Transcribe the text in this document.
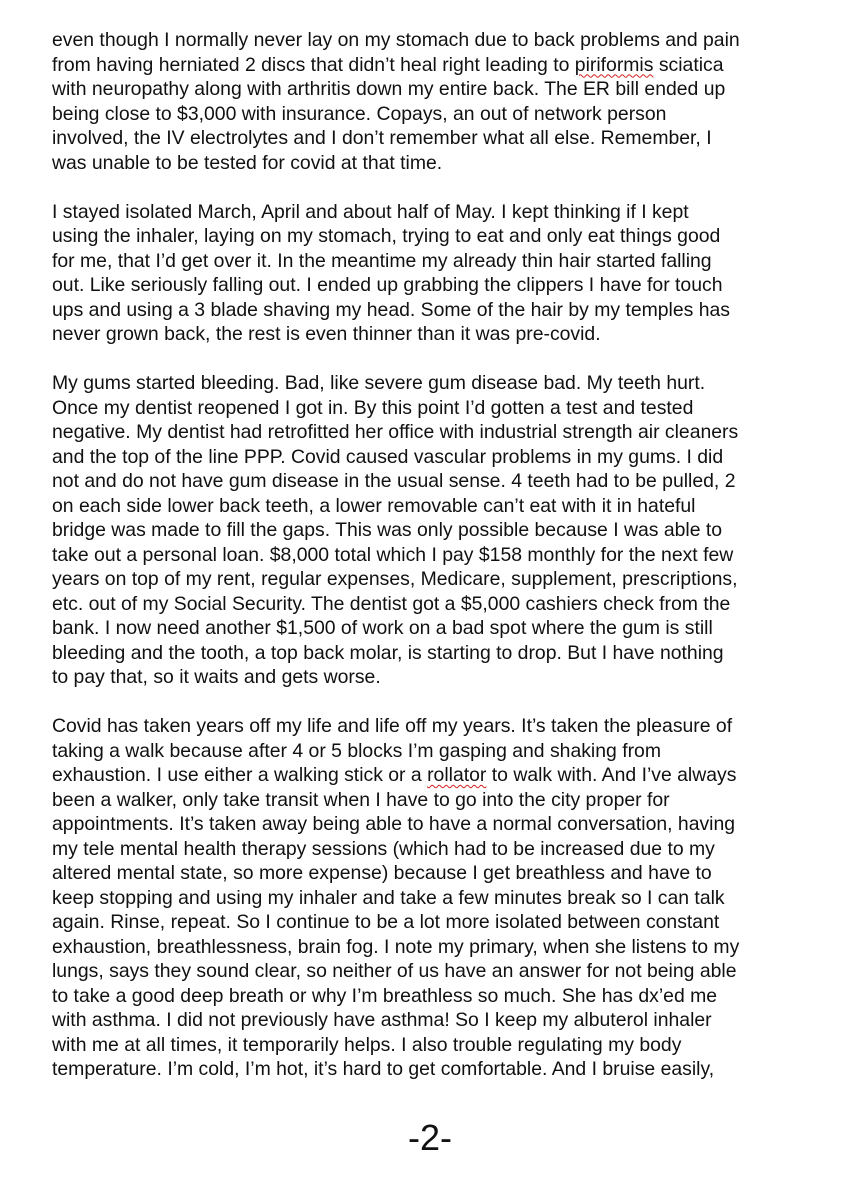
even though I normally never lay on my stomach due to back problems and pain
from having herniated 2 discs that didn’t heal right leading to piriformis sciatica
with neuropathy along with arthritis down my entire back. The ER bill ended up
being close to $3,000 with insurance. Copays, an out of network person
involved, the IV electrolytes and I don’t remember what all else. Remember, I
was unable to be tested for covid at that time.
I stayed isolated March, April and about half of May. I kept thinking if I kept
using the inhaler, laying on my stomach, trying to eat and only eat things good
for me, that I’d get over it. In the meantime my already thin hair started falling
out. Like seriously falling out. I ended up grabbing the clippers I have for touch
ups and using a 3 blade shaving my head. Some of the hair by my temples has
never grown back, the rest is even thinner than it was pre-covid.
My gums started bleeding. Bad, like severe gum disease bad. My teeth hurt.
Once my dentist reopened I got in. By this point I’d gotten a test and tested
negative. My dentist had retrofitted her office with industrial strength air cleaners
and the top of the line PPP. Covid caused vascular problems in my gums. I did
not and do not have gum disease in the usual sense. 4 teeth had to be pulled, 2
on each side lower back teeth, a lower removable can’t eat with it in hateful
bridge was made to fill the gaps. This was only possible because I was able to
take out a personal loan. $8,000 total which I pay $158 monthly for the next few
years on top of my rent, regular expenses, Medicare, supplement, prescriptions,
etc. out of my Social Security. The dentist got a $5,000 cashiers check from the
bank. I now need another $1,500 of work on a bad spot where the gum is still
bleeding and the tooth, a top back molar, is starting to drop. But I have nothing
to pay that, so it waits and gets worse.
Covid has taken years off my life and life off my years. It’s taken the pleasure of
taking a walk because after 4 or 5 blocks I’m gasping and shaking from
exhaustion. I use either a walking stick or a rollator to walk with. And I’ve always
been a walker, only take transit when I have to go into the city proper for
appointments. It’s taken away being able to have a normal conversation, having
my tele mental health therapy sessions (which had to be increased due to my
altered mental state, so more expense) because I get breathless and have to
keep stopping and using my inhaler and take a few minutes break so I can talk
again. Rinse, repeat. So I continue to be a lot more isolated between constant
exhaustion, breathlessness, brain fog. I note my primary, when she listens to my
lungs, says they sound clear, so neither of us have an answer for not being able
to take a good deep breath or why I’m breathless so much. She has dx’ed me
with asthma. I did not previously have asthma! So I keep my albuterol inhaler
with me at all times, it temporarily helps. I also trouble regulating my body
temperature. I’m cold, I’m hot, it’s hard to get comfortable. And I bruise easily,
-2-
